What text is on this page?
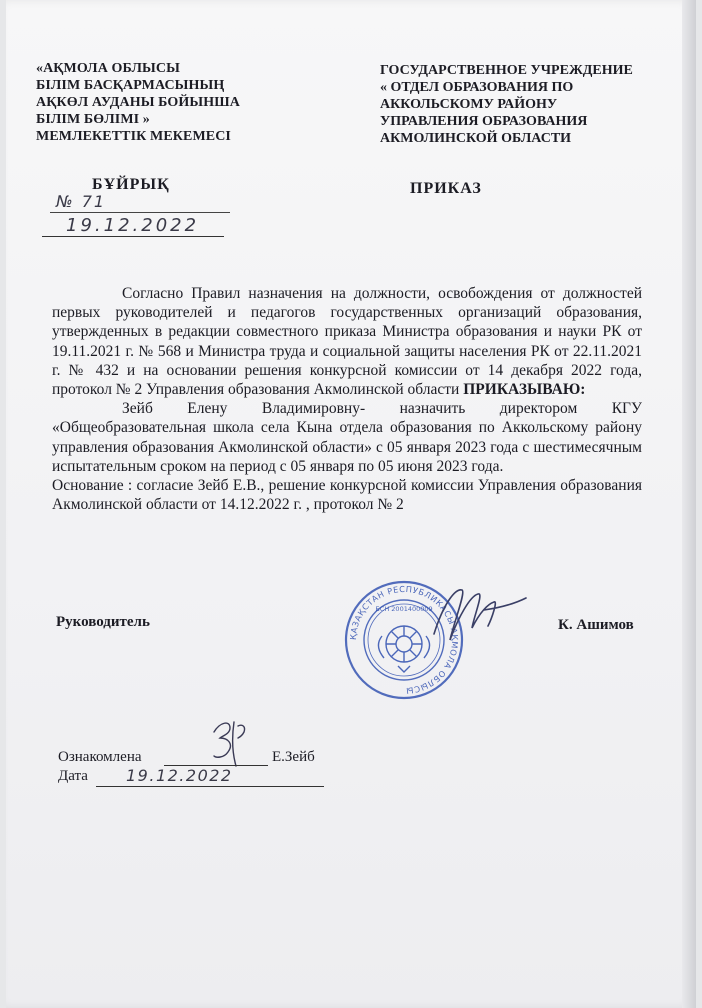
«АҚМОЛА ОБЛЫСЫ
БІЛІМ БАСҚАРМАСЫНЫҢ
АҚКӨЛ АУДАНЫ БОЙЫНША
БІЛІМ БӨЛІМІ »
МЕМЛЕКЕТТІК МЕКЕМЕСІ
ГОСУДАРСТВЕННОЕ УЧРЕЖДЕНИЕ
« ОТДЕЛ ОБРАЗОВАНИЯ ПО
АККОЛЬСКОМУ РАЙОНУ
УПРАВЛЕНИЯ ОБРАЗОВАНИЯ
АКМОЛИНСКОЙ ОБЛАСТИ
БҰЙРЫҚ	ПРИКАЗ
№ 71
19.12.2022

Согласно Правил назначения на должности, освобождения от должностей первых руководителей и педагогов государственных организаций образования, утвержденных в редакции совместного приказа Министра образования и науки РК от 19.11.2021 г. № 568 и Министра труда и социальной защиты населения РК от 22.11.2021 г. № 432 и на основании решения конкурсной комиссии от 14 декабря 2022 года, протокол № 2 Управления образования Акмолинской области ПРИКАЗЫВАЮ:

Зейб Елену Владимировну- назначить директором КГУ «Общеобразовательная школа села Кына отдела образования по Аккольскому району управления образования Акмолинской области» с 05 января 2023 года с шестимесячным испытательным сроком на период с 05 января по 05 июня 2023 года.

Основание : согласие Зейб Е.В., решение конкурсной комиссии Управления образования Акмолинской области от 14.12.2022 г. , протокол № 2

ҚАЗАҚСТАН РЕСПУБЛИКАСЫ АҚМОЛА ОБЛЫСЫ
БСН 2001400009
Руководитель	К. Ашимов
Ознакомлена	Е.Зейб
Дата 19.12.2022
